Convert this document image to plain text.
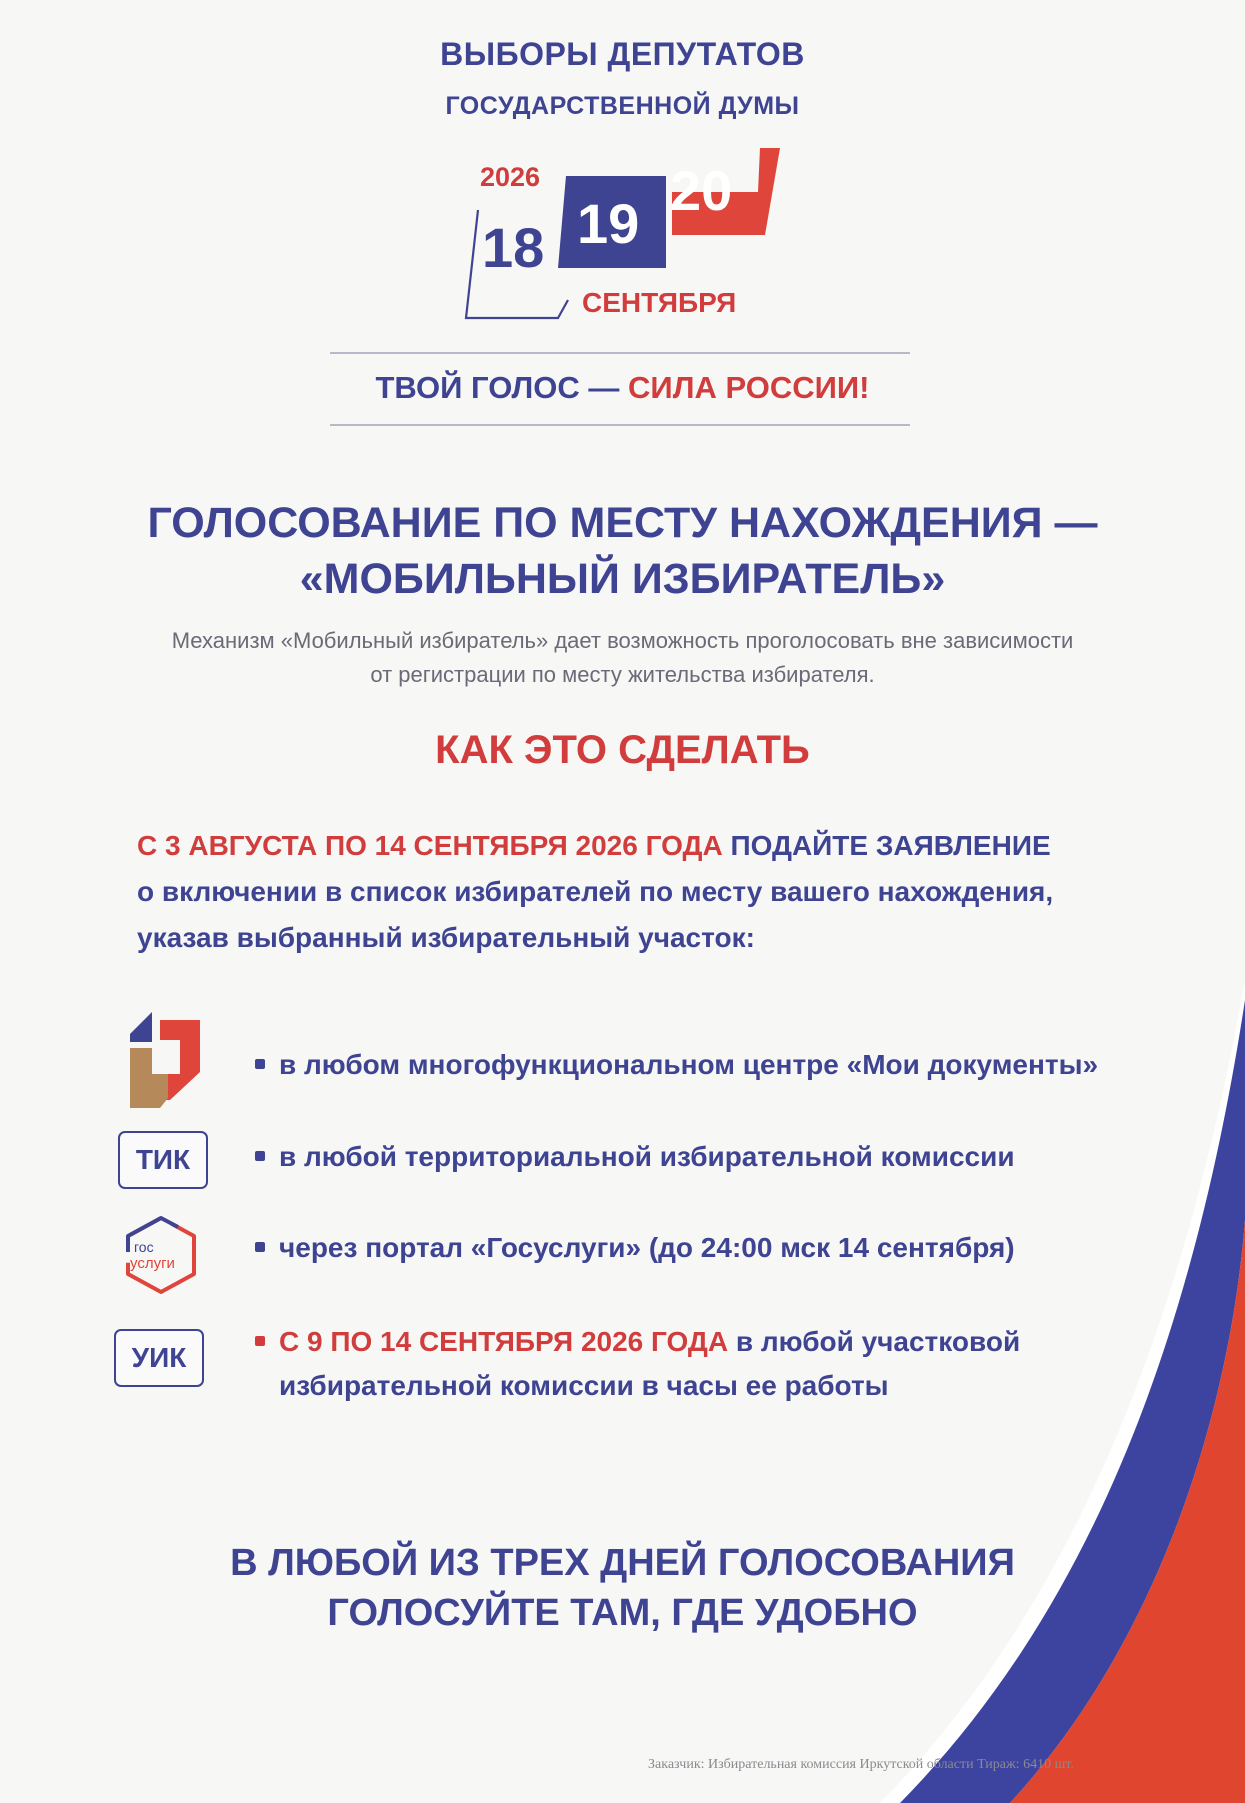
ВЫБОРЫ ДЕПУТАТОВ
ГОСУДАРСТВЕННОЙ ДУМЫ
2026
18 19
20
СЕНТЯБРЯ
ТВОЙ ГОЛОС — СИЛА РОССИИ!
ГОЛОСОВАНИЕ ПО МЕСТУ НАХОЖДЕНИЯ —
«МОБИЛЬНЫЙ ИЗБИРАТЕЛЬ»
Механизм «Мобильный избиратель» дает возможность проголосовать вне зависимости
от регистрации по месту жительства избирателя.
КАК ЭТО СДЕЛАТЬ
С 3 АВГУСТА ПО 14 СЕНТЯБРЯ 2026 ГОДА ПОДАЙТЕ ЗАЯВЛЕНИЕ
о включении в список избирателей по месту вашего нахождения,
указав выбранный избирательный участок:
в любом многофункциональном центре «Мои документы»
ТИК	в любой территориальной избирательной комиссии
гос
услуги
через портал «Госуслуги» (до 24:00 мск 14 сентября)
УИК
С 9 ПО 14 СЕНТЯБРЯ 2026 ГОДА в любой участковой
избирательной комиссии в часы ее работы
В ЛЮБОЙ ИЗ ТРЕХ ДНЕЙ ГОЛОСОВАНИЯ
ГОЛОСУЙТЕ ТАМ, ГДЕ УДОБНО
Заказчик: Избирательная комиссия Иркутской области Тираж: 6410 шт.
